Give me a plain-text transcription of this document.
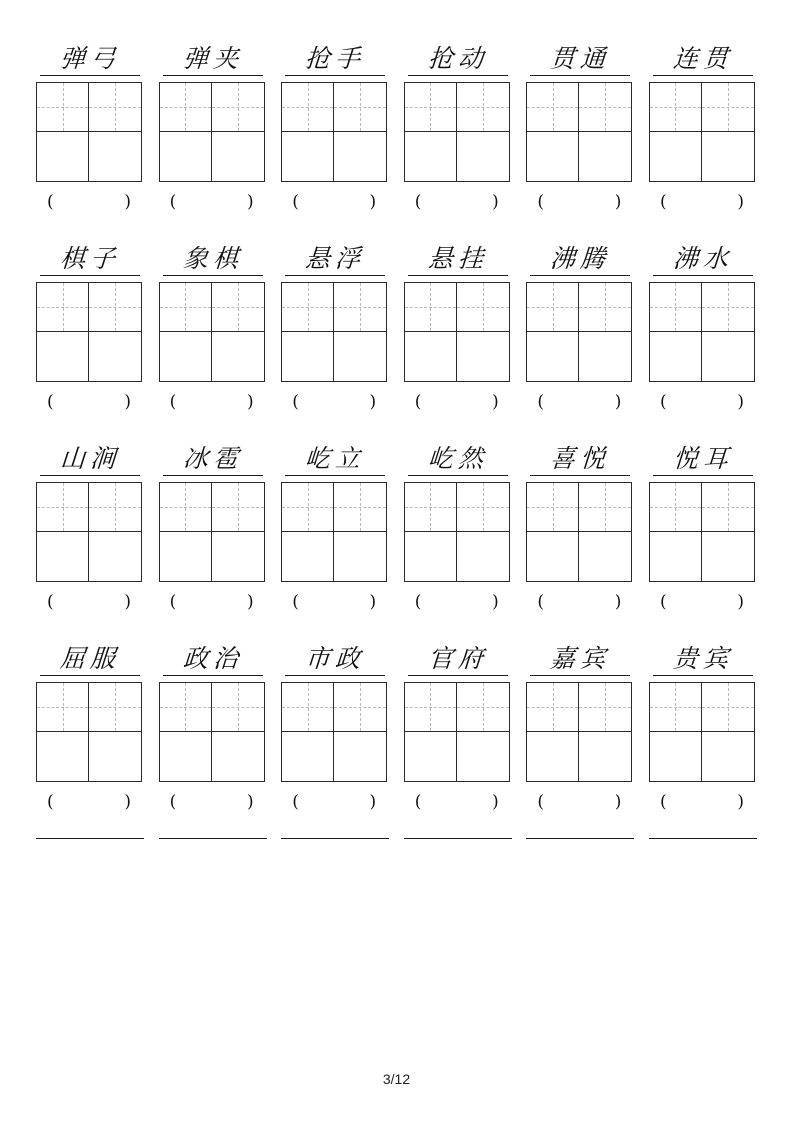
弹弓 弹夹 抢手 抢动 贯通 连贯
(	) (	) (	) (	) (	) (	)
棋子 象棋 悬浮 悬挂 沸腾 沸水
(	) (	) (	) (	) (	) (	)
山涧 冰雹 屹立 屹然 喜悦 悦耳
(	) (	) (	) (	) (	) (	)
屈服 政治 市政 官府 嘉宾 贵宾
(	) (	) (	) (	) (	) (	)
3/12
